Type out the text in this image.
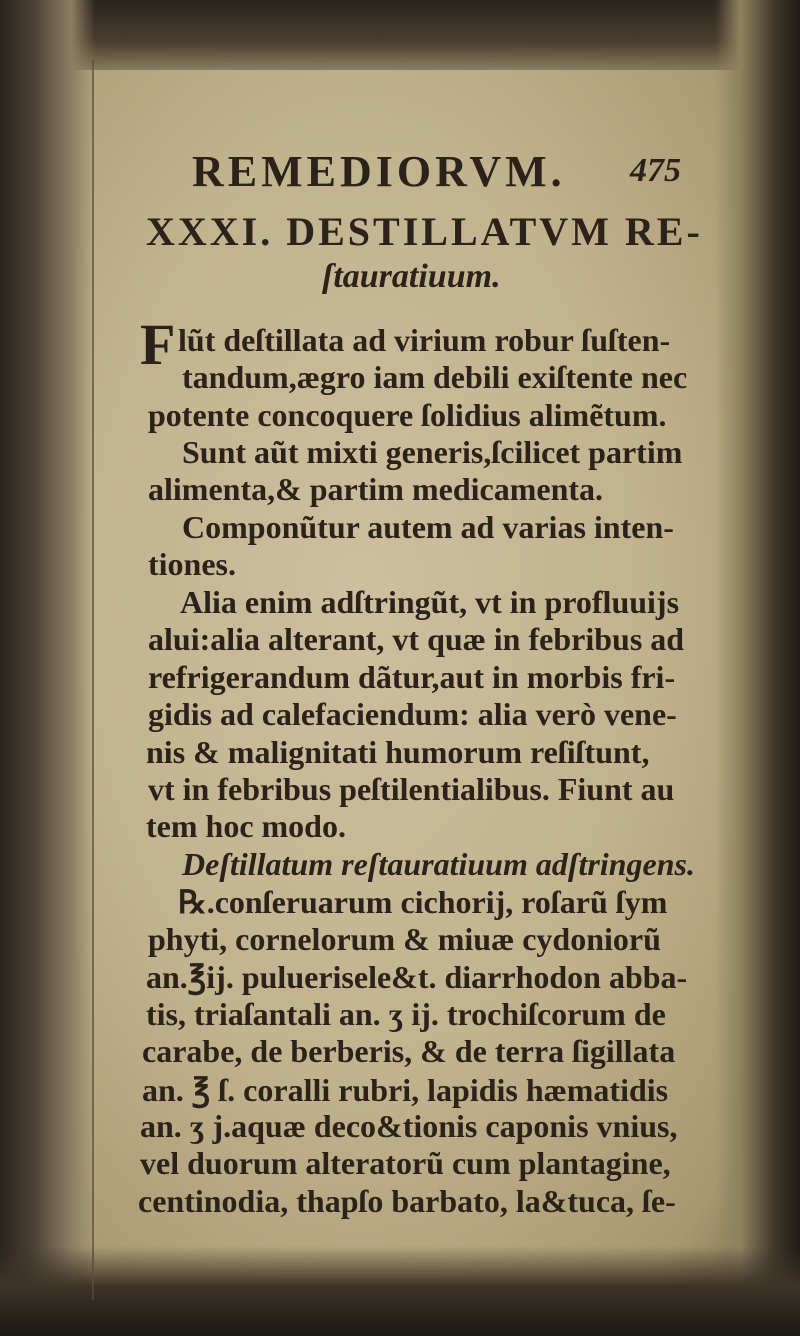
REMEDIORVM. 475
XXXI. DESTILLATVM RE-
ſtauratiuum.
F lũt deſtillata ad virium robur ſuſten-
tandum,ægro iam debili exiſtente nec
potente concoquere ſolidius alimẽtum.
Sunt aũt mixti generis,ſcilicet partim
alimenta,& partim medicamenta.
Componũtur autem ad varias inten-
tiones.
Alia enim adſtringũt, vt in profluuijs
alui:alia alterant, vt quæ in febribus ad
refrigerandum dãtur,aut in morbis fri-
gidis ad calefaciendum: alia verò vene-
nis & malignitati humorum reſiſtunt,
vt in febribus peſtilentialibus. Fiunt au
tem hoc modo.
Deſtillatum reſtauratiuum adſtringens.
℞.conſeruarum cichorij, roſarũ ſym
phyti, cornelorum & miuæ cydoniorũ
an.℥ij. puluerisele&t. diarrhodon abba-
tis, triaſantali an. ʒ ij. trochiſcorum de
carabe, de berberis, & de terra ſigillata
an. ℥ ſ. coralli rubri, lapidis hæmatidis
an. ʒ j.aquæ deco&tionis caponis vnius,
vel duorum alteratorũ cum plantagine,
centinodia, thapſo barbato, la&tuca, ſe-
